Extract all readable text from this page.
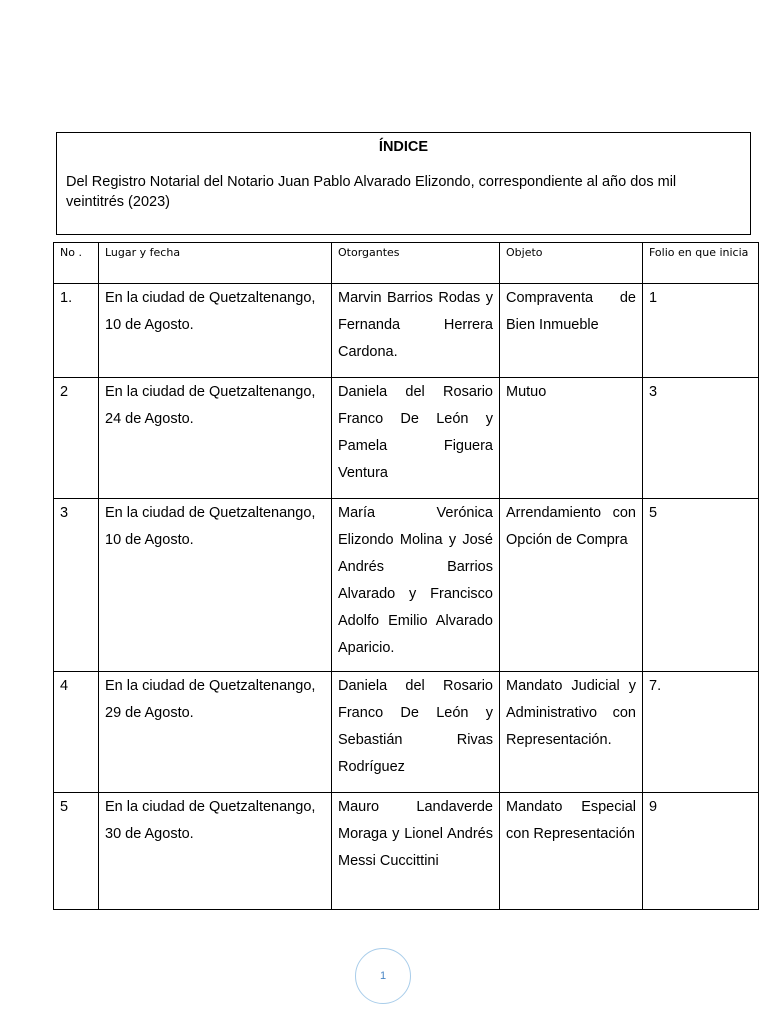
ÍNDICE
Del Registro Notarial del Notario Juan Pablo Alvarado Elizondo, correspondiente al año dos mil veintitrés (2023)
No .	Lugar y fecha	Otorgantes	Objeto	Folio en que inicia
1.	En la ciudad de Quetzaltenango, 10 de Agosto.	Marvin Barrios Rodas y Fernanda Herrera Cardona.	Compraventa de Bien Inmueble	1
2	En la ciudad de Quetzaltenango, 24 de Agosto.	Daniela del Rosario Franco De León y Pamela Figuera Ventura	Mutuo	3
3	En la ciudad de Quetzaltenango, 10 de Agosto.	María Verónica Elizondo Molina y José Andrés Barrios Alvarado y Francisco Adolfo Emilio Alvarado Aparicio.	Arrendamiento con Opción de Compra	5
4	En la ciudad de Quetzaltenango, 29 de Agosto.	Daniela del Rosario Franco De León y Sebastián Rivas Rodríguez	Mandato Judicial y Administrativo con Representación.	7.
5	En la ciudad de Quetzaltenango, 30 de Agosto.	Mauro Landaverde Moraga y Lionel Andrés Messi Cuccittini	Mandato Especial con Representación	9
1
